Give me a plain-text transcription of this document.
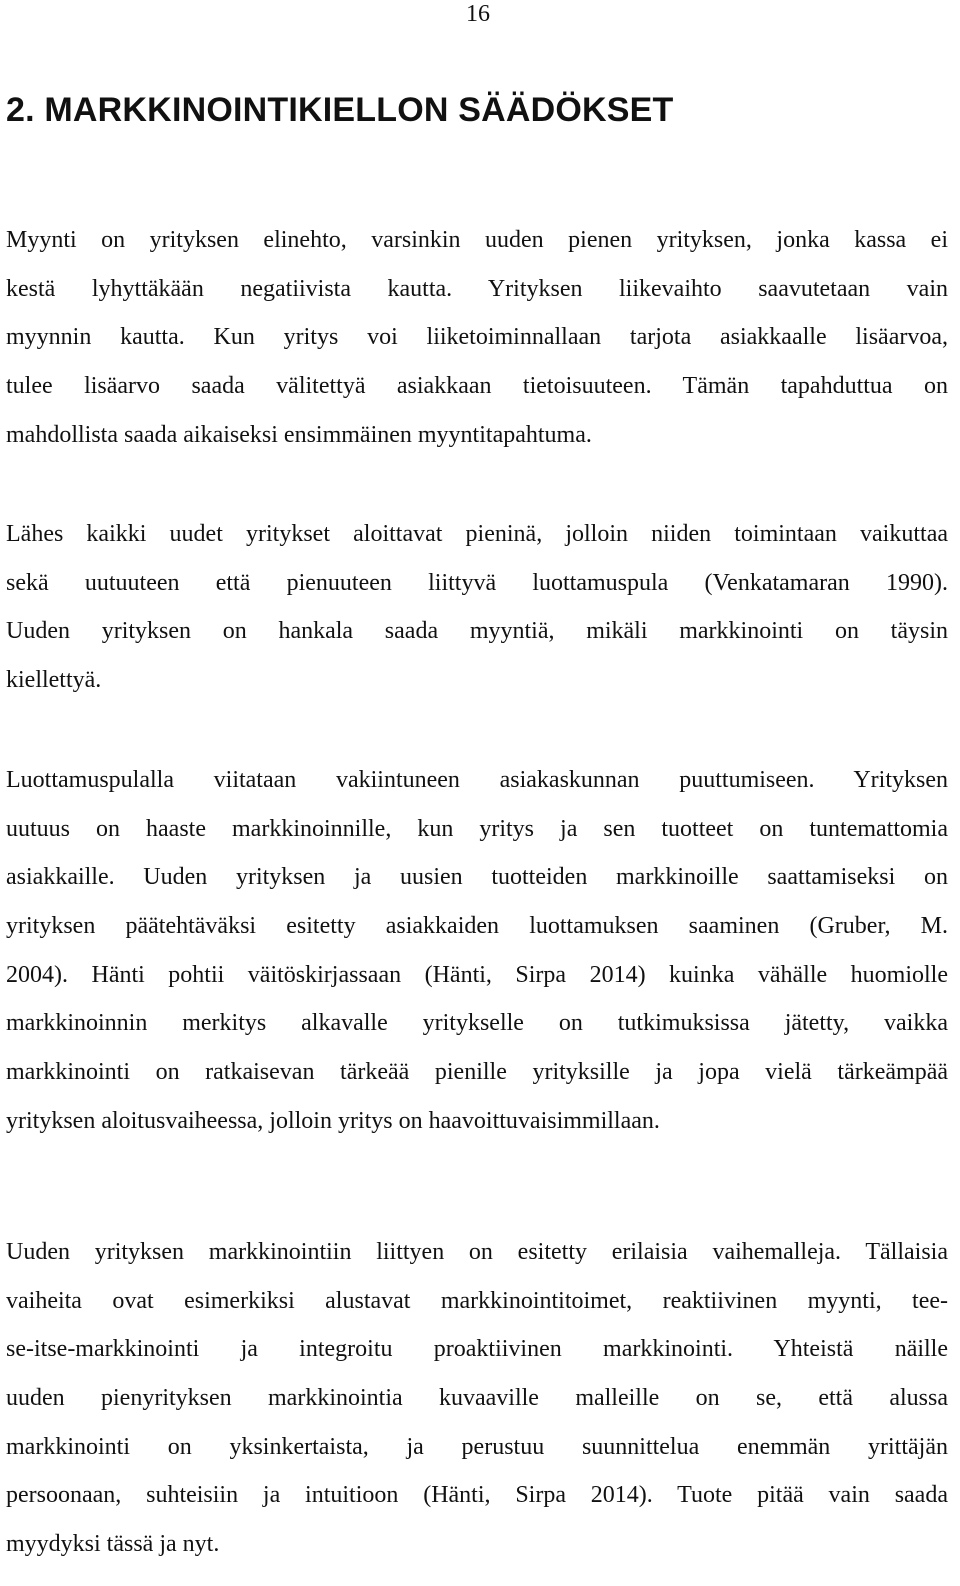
16
2. MARKKINOINTIKIELLON SÄÄDÖKSET
Myynti on yrityksen elinehto, varsinkin uuden pienen yrityksen, jonka kassa ei
kestä lyhyttäkään negatiivista kautta. Yrityksen liikevaihto saavutetaan vain
myynnin kautta. Kun yritys voi liiketoiminnallaan tarjota asiakkaalle lisäarvoa,
tulee lisäarvo saada välitettyä asiakkaan tietoisuuteen. Tämän tapahduttua on
mahdollista saada aikaiseksi ensimmäinen myyntitapahtuma.
Lähes kaikki uudet yritykset aloittavat pieninä, jolloin niiden toimintaan vaikuttaa
sekä uutuuteen että pienuuteen liittyvä luottamuspula (Venkatamaran 1990).
Uuden yrityksen on hankala saada myyntiä, mikäli markkinointi on täysin
kiellettyä.
Luottamuspulalla viitataan vakiintuneen asiakaskunnan puuttumiseen. Yrityksen
uutuus on haaste markkinoinnille, kun yritys ja sen tuotteet on tuntemattomia
asiakkaille. Uuden yrityksen ja uusien tuotteiden markkinoille saattamiseksi on
yrityksen päätehtäväksi esitetty asiakkaiden luottamuksen saaminen (Gruber, M.
2004). Hänti pohtii väitöskirjassaan (Hänti, Sirpa 2014) kuinka vähälle huomiolle
markkinoinnin merkitys alkavalle yritykselle on tutkimuksissa jätetty, vaikka
markkinointi on ratkaisevan tärkeää pienille yrityksille ja jopa vielä tärkeämpää
yrityksen aloitusvaiheessa, jolloin yritys on haavoittuvaisimmillaan.
Uuden yrityksen markkinointiin liittyen on esitetty erilaisia vaihemalleja. Tällaisia
vaiheita ovat esimerkiksi alustavat markkinointitoimet, reaktiivinen myynti, tee-
se-itse-markkinointi ja integroitu proaktiivinen markkinointi. Yhteistä näille
uuden pienyrityksen markkinointia kuvaaville malleille on se, että alussa
markkinointi on yksinkertaista, ja perustuu suunnittelua enemmän yrittäjän
persoonaan, suhteisiin ja intuitioon (Hänti, Sirpa 2014). Tuote pitää vain saada
myydyksi tässä ja nyt.
